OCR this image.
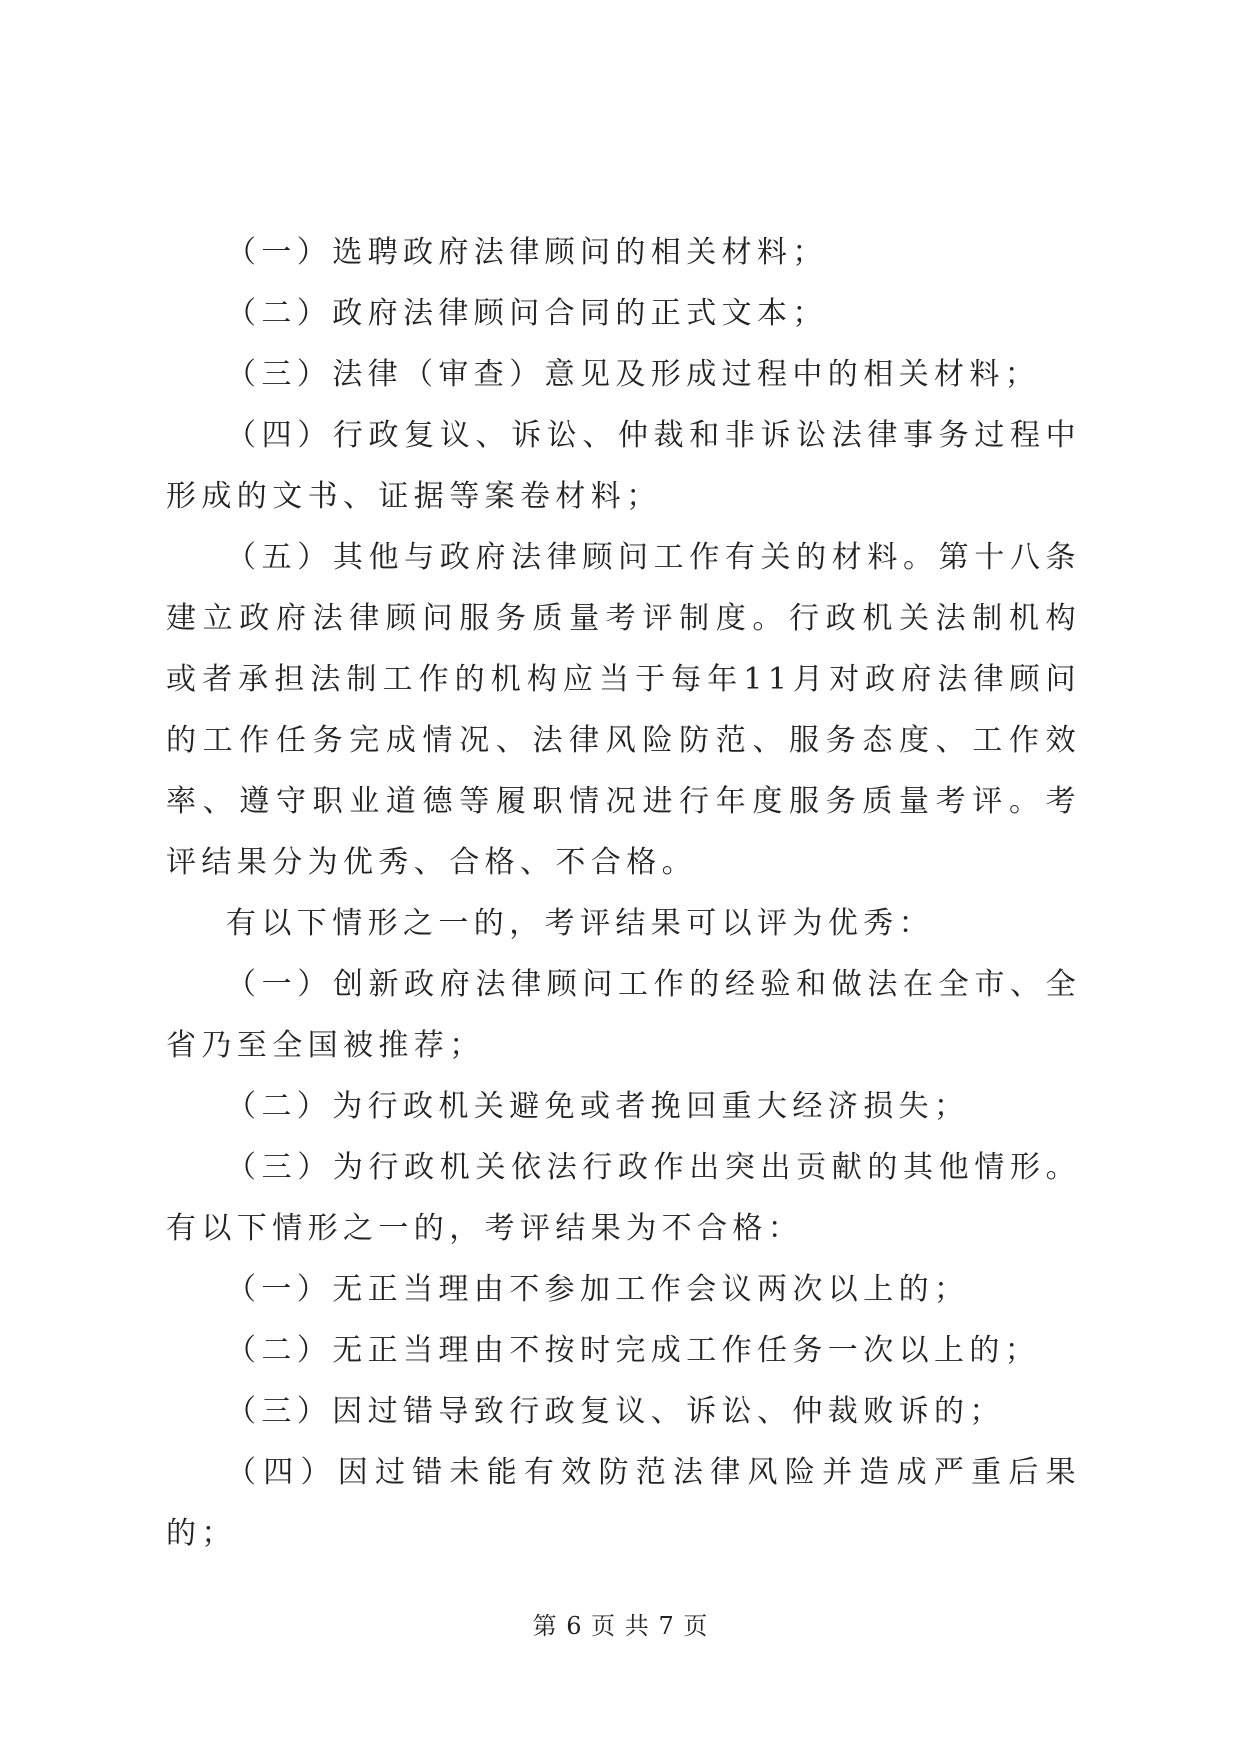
（一）选聘政府法律顾问的相关材料；

（二）政府法律顾问合同的正式文本；

（三）法律（审查）意见及形成过程中的相关材料；

（四）行政复议、诉讼、仲裁和非诉讼法律事务过程中形成的文书、证据等案卷材料；

（五）其他与政府法律顾问工作有关的材料。第十八条建立政府法律顾问服务质量考评制度。行政机关法制机构或者承担法制工作的机构应当于每年11月对政府法律顾问的工作任务完成情况、法律风险防范、服务态度、工作效率、遵守职业道德等履职情况进行年度服务质量考评。考评结果分为优秀、合格、不合格。

有以下情形之一的，考评结果可以评为优秀：

（一）创新政府法律顾问工作的经验和做法在全市、全省乃至全国被推荐；

（二）为行政机关避免或者挽回重大经济损失；

（三）为行政机关依法行政作出突出贡献的其他情形。有以下情形之一的，考评结果为不合格：

（一）无正当理由不参加工作会议两次以上的；

（二）无正当理由不按时完成工作任务一次以上的；

（三）因过错导致行政复议、诉讼、仲裁败诉的；

（四）因过错未能有效防范法律风险并造成严重后果的；

第 6 页 共 7 页
